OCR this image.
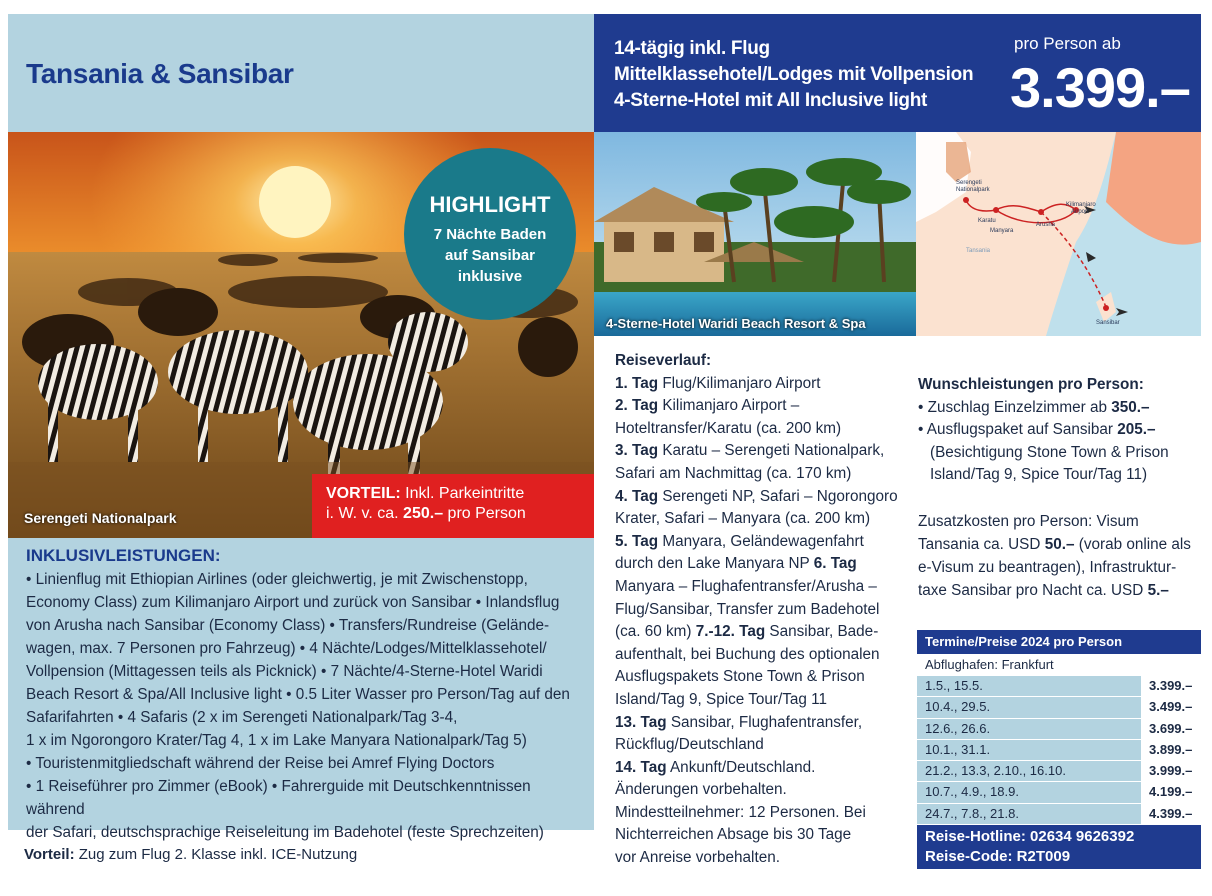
Tansania & Sansibar
14-tägig inkl. Flug
Mittelklassehotel/Lodges mit Vollpension
4-Sterne-Hotel mit All Inclusive light
pro Person ab
3.399.–
Serengeti Nationalpark
HIGHLIGHT
7 Nächte Baden
auf Sansibar
inklusive
VORTEIL: Inkl. Parkeintritte
i. W. v. ca. 250.– pro Person
4-Sterne-Hotel Waridi Beach Resort & Spa
Serengeti
Nationalpark
Karatu
Manyara
Arusha
Kilimanjaro
Airport
Tansania
Sansibar
INKLUSIVLEISTUNGEN:

• Linienflug mit Ethiopian Airlines (oder gleichwertig, je mit Zwischenstopp,

Economy Class) zum Kilimanjaro Airport und zurück von Sansibar • Inlandsflug

von Arusha nach Sansibar (Economy Class) • Transfers/Rundreise (Gelände-

wagen, max. 7 Personen pro Fahrzeug) • 4 Nächte/Lodges/Mittelklassehotel/

Vollpension (Mittagessen teils als Picknick) • 7 Nächte/4-Sterne-Hotel Waridi

Beach Resort & Spa/All Inclusive light • 0.5 Liter Wasser pro Person/Tag auf den

Safarifahrten • 4 Safaris (2 x im Serengeti Nationalpark/Tag 3-4,

1 x im Ngorongoro Krater/Tag 4, 1 x im Lake Manyara Nationalpark/Tag 5)

• Touristenmitgliedschaft während der Reise bei Amref Flying Doctors

• 1 Reiseführer pro Zimmer (eBook) • Fahrerguide mit Deutschkenntnissen während

der Safari, deutschsprachige Reiseleitung im Badehotel (feste Sprechzeiten)

Vorteil: Zug zum Flug 2. Klasse inkl. ICE-Nutzung
Reiseverlauf:
1. Tag Flug/Kilimanjaro Airport
2. Tag Kilimanjaro Airport –
Hoteltransfer/Karatu (ca. 200 km)
3. Tag Karatu – Serengeti Nationalpark,
Safari am Nachmittag (ca. 170 km)
4. Tag Serengeti NP, Safari – Ngorongoro
Krater, Safari – Manyara (ca. 200 km)
5. Tag Manyara, Geländewagenfahrt
durch den Lake Manyara NP 6. Tag
Manyara – Flughafentransfer/Arusha –
Flug/Sansibar, Transfer zum Badehotel
(ca. 60 km) 7.-12. Tag Sansibar, Bade-
aufenthalt, bei Buchung des optionalen
Ausflugspakets Stone Town & Prison
Island/Tag 9, Spice Tour/Tag 11
13. Tag Sansibar, Flughafentransfer,
Rückflug/Deutschland
14. Tag Ankunft/Deutschland.
Änderungen vorbehalten.
Mindestteilnehmer: 12 Personen. Bei
Nichterreichen Absage bis 30 Tage
vor Anreise vorbehalten.
Wunschleistungen pro Person:
• Zuschlag Einzelzimmer ab 350.–
• Ausflugspaket auf Sansibar 205.–
(Besichtigung Stone Town & Prison Island/Tag 9, Spice Tour/Tag 11)
Zusatzkosten pro Person: Visum Tansania ca. USD 50.– (vorab online als e-Visum zu beantragen), Infrastruktur-taxe Sansibar pro Nacht ca. USD 5.–
Termine/Preise 2024 pro Person
Abflughafen: Frankfurt
1.5., 15.5.	3.399.–
10.4., 29.5.	3.499.–
12.6., 26.6.	3.699.–
10.1., 31.1.	3.899.–
21.2., 13.3, 2.10., 16.10.	3.999.–
10.7., 4.9., 18.9.	4.199.–
24.7., 7.8., 21.8.	4.399.–
Reise-Hotline: 02634 9626392
Reise-Code: R2T009
